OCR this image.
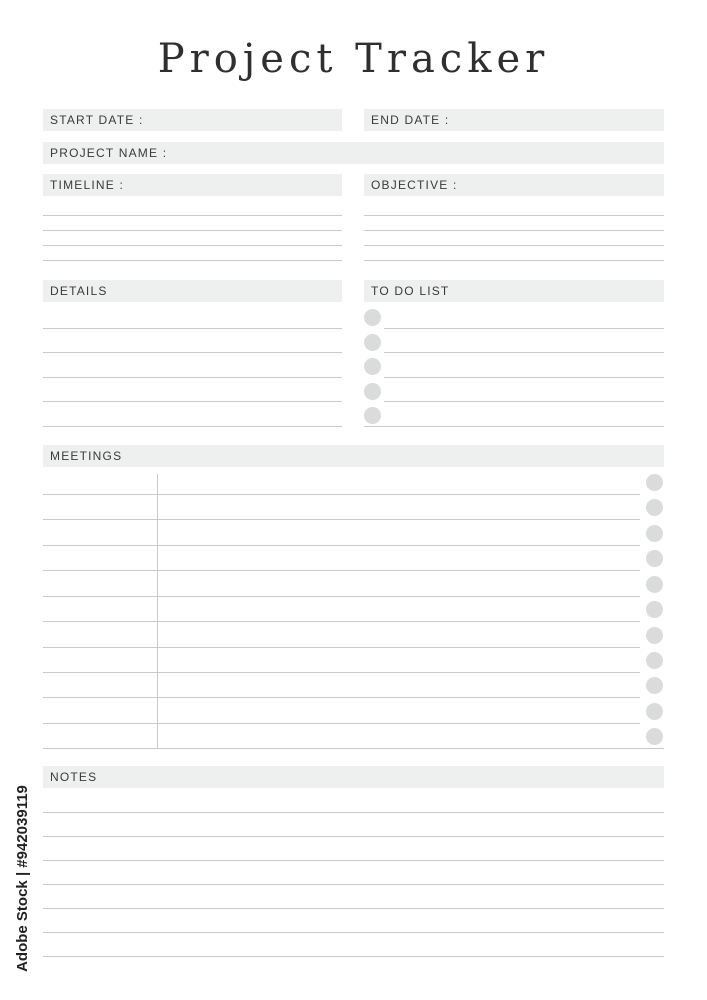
Project Tracker
START DATE :	END DATE :
PROJECT NAME :
TIMELINE :	OBJECTIVE :
DETAILS	TO DO LIST
MEETINGS
NOTES
Adobe Stock | #942039119
